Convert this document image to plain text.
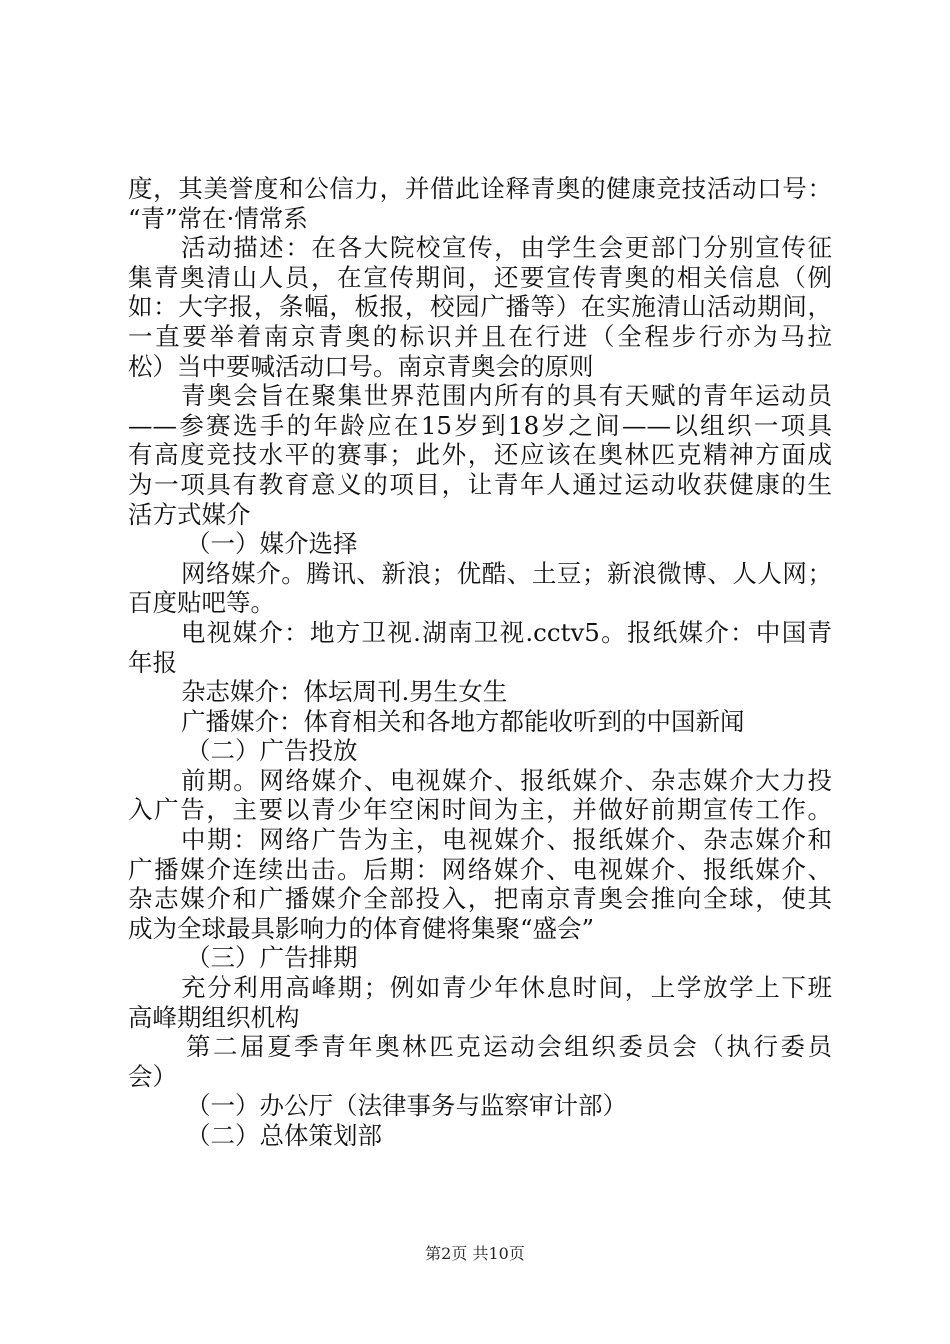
度，其美誉度和公信力，并借此诠释青奥的健康竞技活动口号：
“青”常在·情常系
活动描述：在各大院校宣传，由学生会更部门分别宣传征
集青奥清山人员，在宣传期间，还要宣传青奥的相关信息（例
如：大字报，条幅，板报，校园广播等）在实施清山活动期间，
一直要举着南京青奥的标识并且在行进（全程步行亦为马拉
松）当中要喊活动口号。南京青奥会的原则
青奥会旨在聚集世界范围内所有的具有天赋的青年运动员
——参赛选手的年龄应在15岁到18岁之间——以组织一项具
有高度竞技水平的赛事；此外，还应该在奥林匹克精神方面成
为一项具有教育意义的项目，让青年人通过运动收获健康的生
活方式媒介
（一）媒介选择
网络媒介。腾讯、新浪；优酷、土豆；新浪微博、人人网；
百度贴吧等。
电视媒介：地方卫视.湖南卫视.cctv5。报纸媒介：中国青
年报
杂志媒介：体坛周刊.男生女生
广播媒介：体育相关和各地方都能收听到的中国新闻
（二）广告投放
前期。网络媒介、电视媒介、报纸媒介、杂志媒介大力投
入广告，主要以青少年空闲时间为主，并做好前期宣传工作。
中期：网络广告为主，电视媒介、报纸媒介、杂志媒介和
广播媒介连续出击。后期：网络媒介、电视媒介、报纸媒介、
杂志媒介和广播媒介全部投入，把南京青奥会推向全球，使其
成为全球最具影响力的体育健将集聚“盛会”
（三）广告排期
充分利用高峰期；例如青少年休息时间，上学放学上下班
高峰期组织机构
第二届夏季青年奥林匹克运动会组织委员会（执行委员
会）
（一）办公厅（法律事务与监察审计部）
（二）总体策划部
第2页 共10页
